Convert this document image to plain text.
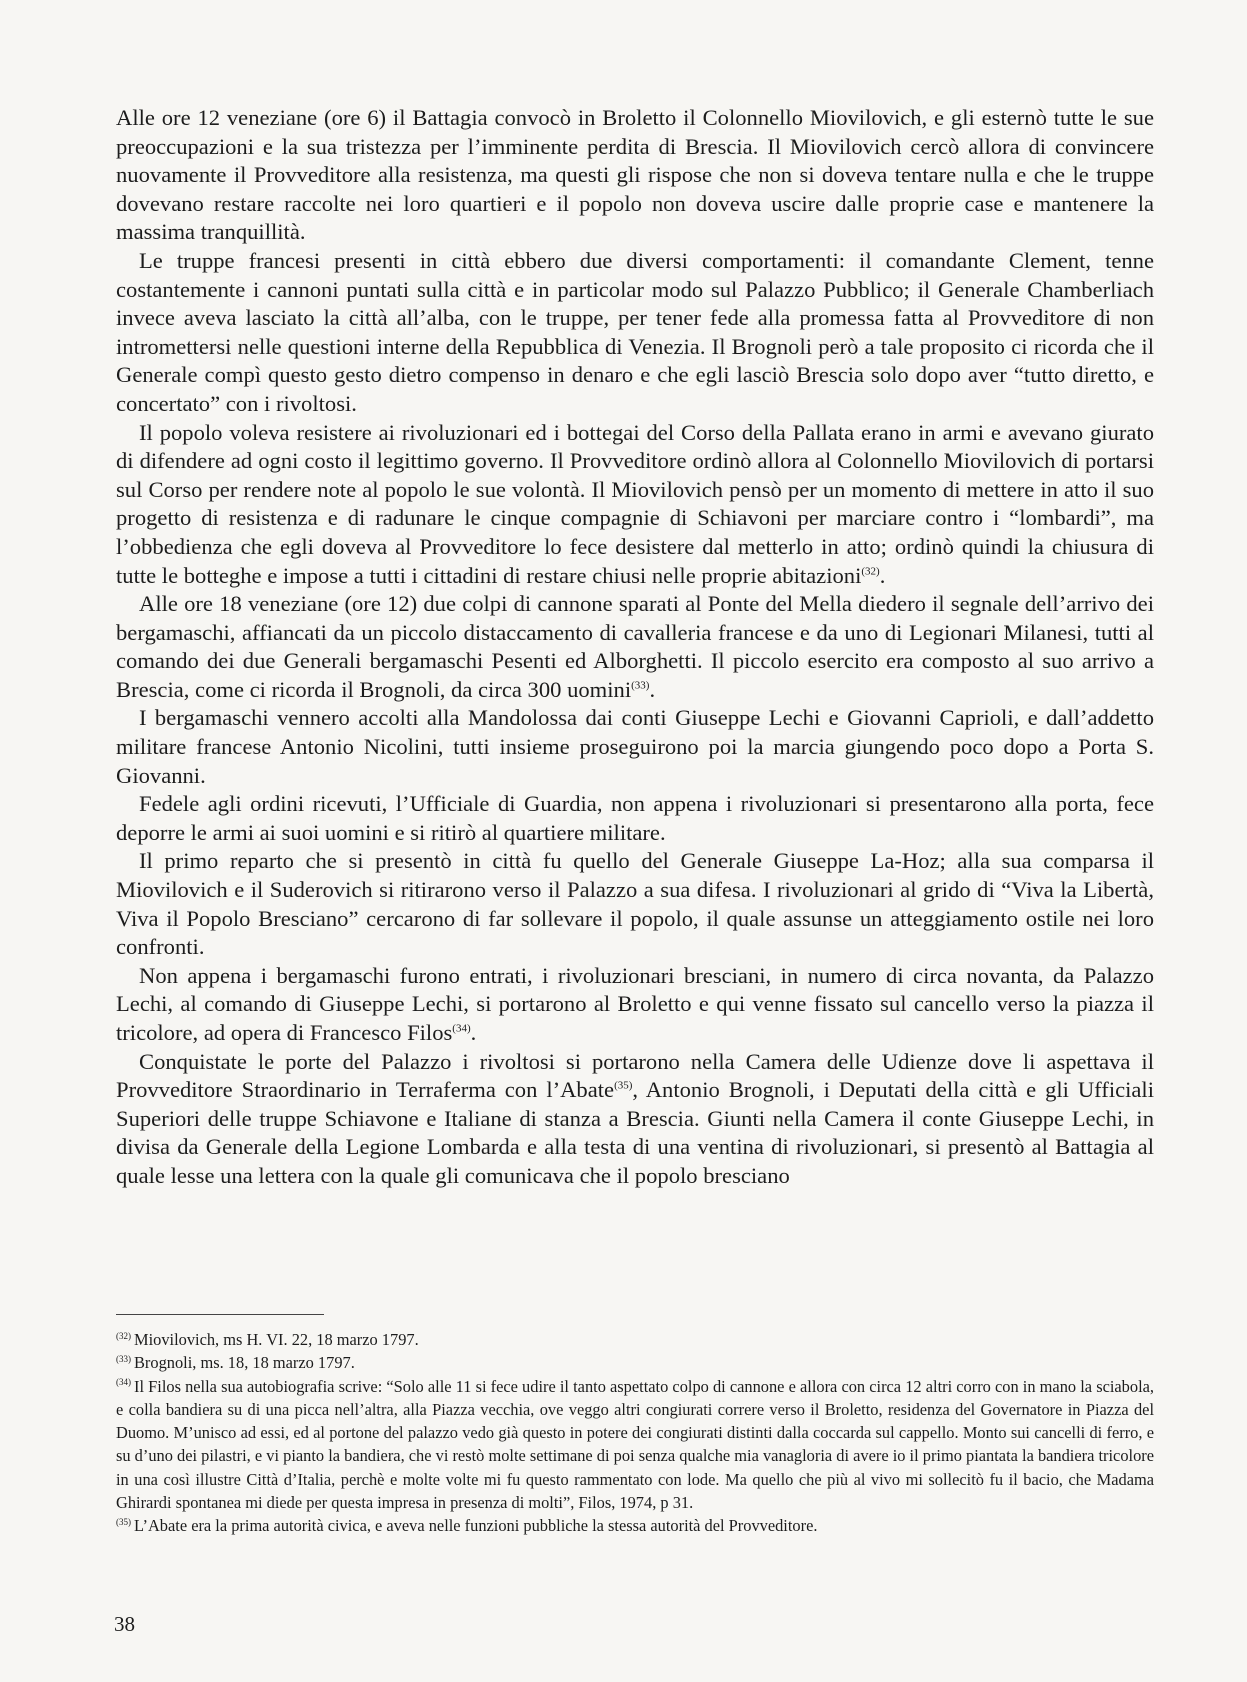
Alle ore 12 veneziane (ore 6) il Battagia convocò in Broletto il Colonnello Miovilovich, e gli esternò tutte le sue preoccupazioni e la sua tristezza per l’imminente perdita di Brescia. Il Miovilovich cercò allora di convincere nuovamente il Provveditore alla resistenza, ma questi gli rispose che non si doveva tentare nulla e che le truppe dovevano restare raccolte nei loro quartieri e il popolo non doveva uscire dalle proprie case e mantenere la massima tranquillità.

Le truppe francesi presenti in città ebbero due diversi comportamenti: il comandante Clement, tenne costantemente i cannoni puntati sulla città e in particolar modo sul Palazzo Pubblico; il Generale Chamberliach invece aveva lasciato la città all’alba, con le truppe, per tener fede alla promessa fatta al Provveditore di non intromettersi nelle questioni interne della Repubblica di Venezia. Il Brognoli però a tale proposito ci ricorda che il Generale compì questo gesto dietro compenso in denaro e che egli lasciò Brescia solo dopo aver “tutto diretto, e concertato” con i rivoltosi.

Il popolo voleva resistere ai rivoluzionari ed i bottegai del Corso della Pallata erano in armi e avevano giurato di difendere ad ogni costo il legittimo governo. Il Provveditore ordinò allora al Colonnello Miovilovich di portarsi sul Corso per rendere note al popolo le sue volontà. Il Miovilovich pensò per un momento di mettere in atto il suo progetto di resistenza e di radunare le cinque compagnie di Schiavoni per marciare contro i “lombardi”, ma l’obbedienza che egli doveva al Provveditore lo fece desistere dal metterlo in atto; ordinò quindi la chiusura di tutte le botteghe e impose a tutti i cittadini di restare chiusi nelle proprie abitazioni$^{(32)}$.

Alle ore 18 veneziane (ore 12) due colpi di cannone sparati al Ponte del Mella diedero il segnale dell’arrivo dei bergamaschi, affiancati da un piccolo distaccamento di cavalleria francese e da uno di Legionari Milanesi, tutti al comando dei due Generali bergamaschi Pesenti ed Alborghetti. Il piccolo esercito era composto al suo arrivo a Brescia, come ci ricorda il Brognoli, da circa 300 uomini$^{(33)}$.

I bergamaschi vennero accolti alla Mandolossa dai conti Giuseppe Lechi e Giovanni Caprioli, e dall’addetto militare francese Antonio Nicolini, tutti insieme proseguirono poi la marcia giungendo poco dopo a Porta S. Giovanni.

Fedele agli ordini ricevuti, l’Ufficiale di Guardia, non appena i rivoluzionari si presentarono alla porta, fece deporre le armi ai suoi uomini e si ritirò al quartiere militare.

Il primo reparto che si presentò in città fu quello del Generale Giuseppe La-Hoz; alla sua comparsa il Miovilovich e il Suderovich si ritirarono verso il Palazzo a sua difesa. I rivoluzionari al grido di “Viva la Libertà, Viva il Popolo Bresciano” cercarono di far sollevare il popolo, il quale assunse un atteggiamento ostile nei loro confronti.

Non appena i bergamaschi furono entrati, i rivoluzionari bresciani, in numero di circa novanta, da Palazzo Lechi, al comando di Giuseppe Lechi, si portarono al Broletto e qui venne fissato sul cancello verso la piazza il tricolore, ad opera di Francesco Filos$^{(34)}$.

Conquistate le porte del Palazzo i rivoltosi si portarono nella Camera delle Udienze dove li aspettava il Provveditore Straordinario in Terraferma con l’Abate$^{(35)}$, Antonio Brognoli, i Deputati della città e gli Ufficiali Superiori delle truppe Schiavone e Italiane di stanza a Brescia. Giunti nella Camera il conte Giuseppe Lechi, in divisa da Generale della Legione Lombarda e alla testa di una ventina di rivoluzionari, si presentò al Battagia al quale lesse una lettera con la quale gli comunicava che il popolo bresciano

$^{(32)}$ Miovilovich, ms H. VI. 22, 18 marzo 1797.

$^{(33)}$ Brognoli, ms. 18, 18 marzo 1797.

$^{(34)}$ Il Filos nella sua autobiografia scrive: “Solo alle 11 si fece udire il tanto aspettato colpo di cannone e allora con circa 12 altri corro con in mano la sciabola, e colla bandiera su di una picca nell’altra, alla Piazza vecchia, ove veggo altri congiurati correre verso il Broletto, residenza del Governatore in Piazza del Duomo. M’unisco ad essi, ed al portone del palazzo vedo già questo in potere dei congiurati distinti dalla coccarda sul cappello. Monto sui cancelli di ferro, e su d’uno dei pilastri, e vi pianto la bandiera, che vi restò molte settimane di poi senza qualche mia vanagloria di avere io il primo piantata la bandiera tricolore in una così illustre Città d’Italia, perchè e molte volte mi fu questo rammentato con lode. Ma quello che più al vivo mi sollecitò fu il bacio, che Madama Ghirardi spontanea mi diede per questa impresa in presenza di molti”, Filos, 1974, p 31.

$^{(35)}$ L’Abate era la prima autorità civica, e aveva nelle funzioni pubbliche la stessa autorità del Provveditore.

38
